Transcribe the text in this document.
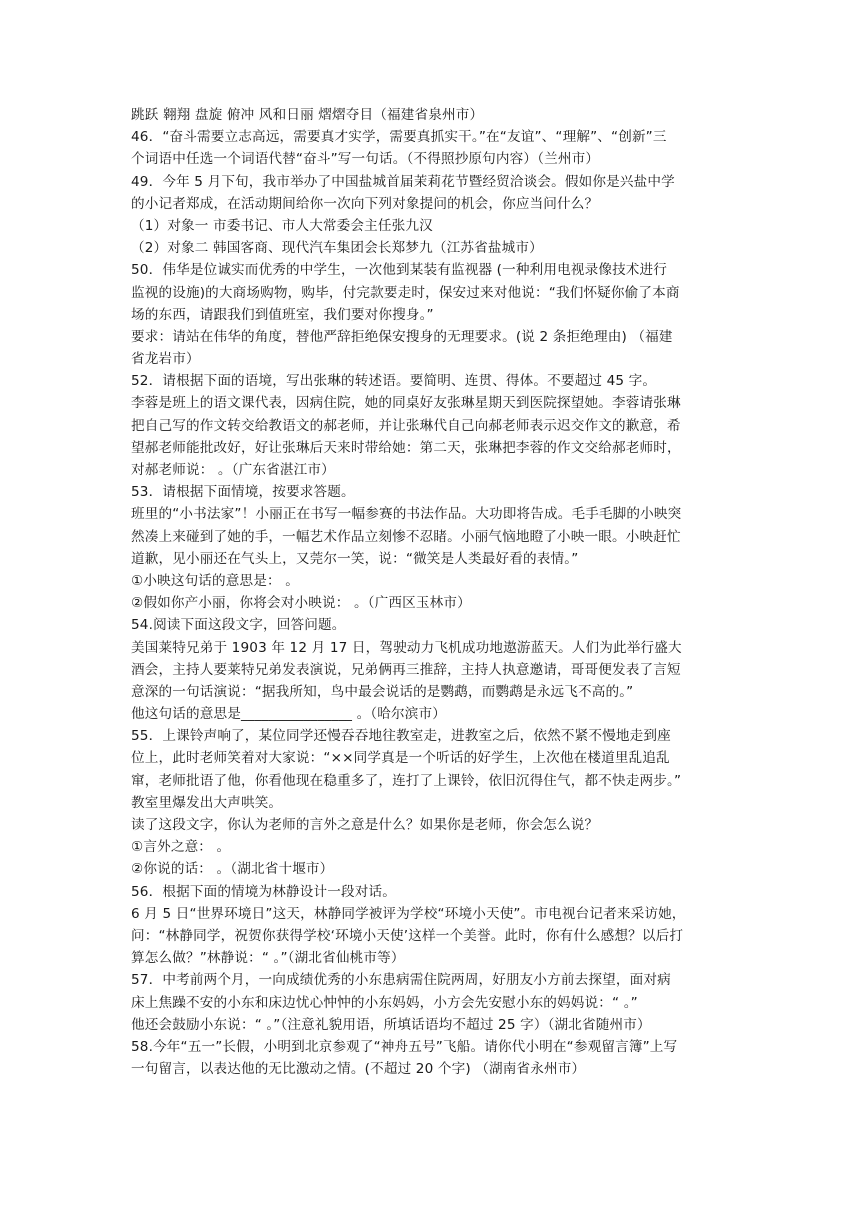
跳跃 翱翔 盘旋 俯冲 风和日丽 熠熠夺目（福建省泉州市）
46．“奋斗需要立志高远，需要真才实学，需要真抓实干。”在“友谊”、“理解”、“创新”三
个词语中任选一个词语代替“奋斗”写一句话。（不得照抄原句内容）（兰州市）
49．今年 5 月下旬，我市举办了中国盐城首届茉莉花节暨经贸洽谈会。假如你是兴盐中学
的小记者郑成，在活动期间给你一次向下列对象提问的机会，你应当问什么？
（1）对象一 市委书记、市人大常委会主任张九汉
（2）对象二 韩国客商、现代汽车集团会长郑梦九（江苏省盐城市）
50．伟华是位诚实而优秀的中学生，一次他到某装有监视器 (一种利用电视录像技术进行
监视的设施)的大商场购物，购毕，付完款要走时，保安过来对他说：“我们怀疑你偷了本商
场的东西，请跟我们到值班室，我们要对你搜身。”
要求：请站在伟华的角度，替他严辞拒绝保安搜身的无理要求。(说 2 条拒绝理由) （福建
省龙岩市）
52．请根据下面的语境，写出张琳的转述语。要简明、连贯、得体。不要超过 45 字。
李蓉是班上的语文课代表，因病住院，她的同桌好友张琳星期天到医院探望她。李蓉请张琳
把自己写的作文转交给教语文的郝老师，并让张琳代自己向郝老师表示迟交作文的歉意，希
望郝老师能批改好，好让张琳后天来时带给她：第二天，张琳把李蓉的作文交给郝老师时，
对郝老师说： 。（广东省湛江市）
53．请根据下面情境，按要求答题。
班里的“小书法家”！小丽正在书写一幅参赛的书法作品。大功即将告成。毛手毛脚的小映突
然凑上来碰到了她的手，一幅艺术作品立刻惨不忍睹。小丽气恼地瞪了小映一眼。小映赶忙
道歉，见小丽还在气头上，又莞尔一笑，说：“微笑是人类最好看的表情。”
①小映这句话的意思是： 。
②假如你产小丽，你将会对小映说： 。（广西区玉林市）
54.阅读下面这段文字，回答问题。
美国莱特兄弟于 1903 年 12 月 17 日，驾驶动力飞机成功地遨游蓝天。人们为此举行盛大
酒会，主持人要莱特兄弟发表演说，兄弟俩再三推辞，主持人执意邀请，哥哥便发表了言短
意深的一句话演说：“据我所知，鸟中最会说话的是鹦鹉，而鹦鹉是永远飞不高的。”
他这句话的意思是________________ 。（哈尔滨市）
55．上课铃声响了，某位同学还慢吞吞地往教室走，进教室之后，依然不紧不慢地走到座
位上，此时老师笑着对大家说：“××同学真是一个听话的好学生，上次他在楼道里乱追乱
窜，老师批语了他，你看他现在稳重多了，连打了上课铃，依旧沉得住气，都不快走两步。”
教室里爆发出大声哄笑。
读了这段文字，你认为老师的言外之意是什么？如果你是老师，你会怎么说？
①言外之意： 。
②你说的话： 。（湖北省十堰市）
56．根据下面的情境为林静设计一段对话。
6 月 5 日“世界环境日”这天，林静同学被评为学校“环境小天使”。市电视台记者来采访她，
问：“林静同学，祝贺你获得学校‘环境小天使’这样一个美誉。此时，你有什么感想？以后打
算怎么做？”林静说：“ 。”（湖北省仙桃市等）
57．中考前两个月，一向成绩优秀的小东患病需住院两周，好朋友小方前去探望，面对病
床上焦躁不安的小东和床边忧心忡忡的小东妈妈，小方会先安慰小东的妈妈说：“ 。”
他还会鼓励小东说：“ 。”（注意礼貌用语，所填话语均不超过 25 字）（湖北省随州市）
58.今年“五一”长假，小明到北京参观了“神舟五号”飞船。请你代小明在“参观留言簿”上写
一句留言，以表达他的无比激动之情。(不超过 20 个字) （湖南省永州市）
